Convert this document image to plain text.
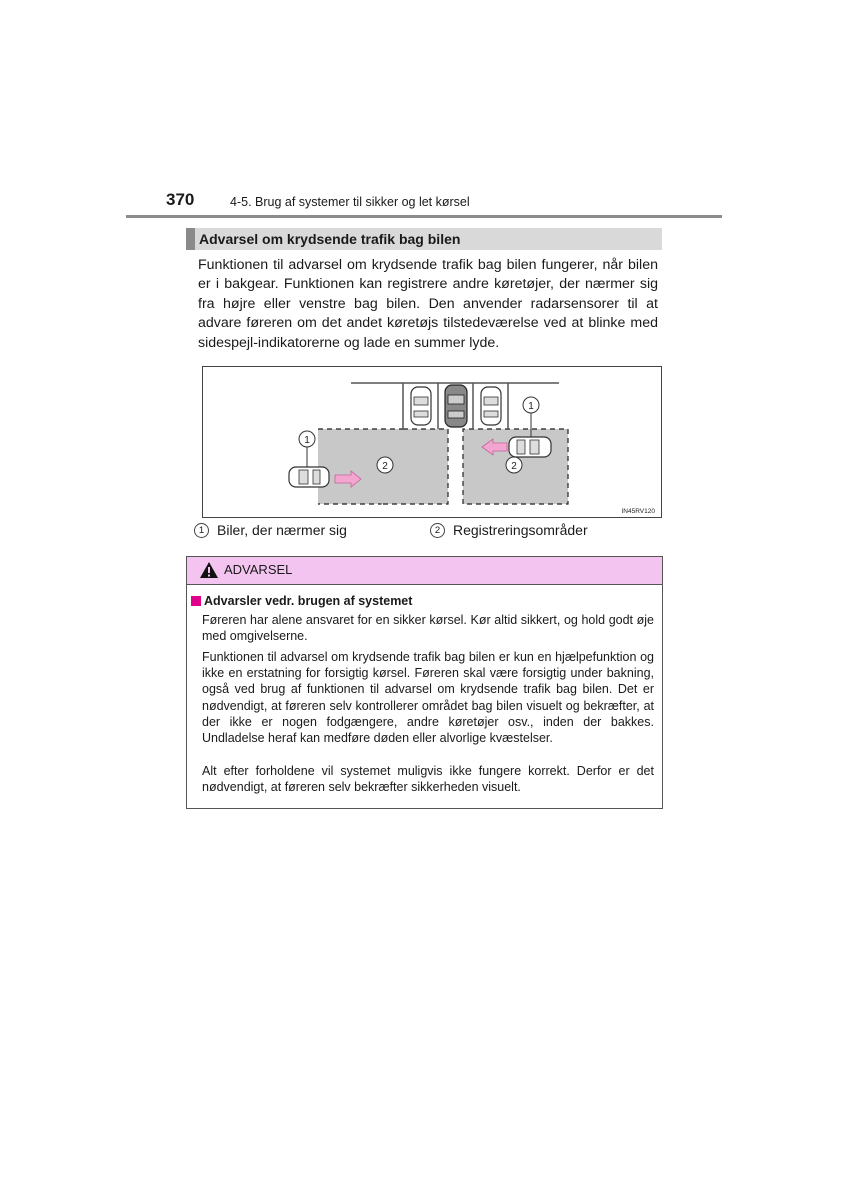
370	4-5. Brug af systemer til sikker og let kørsel
Advarsel om krydsende trafik bag bilen
Funktionen til advarsel om krydsende trafik bag bilen fungerer, når bilen er i bakgear. Funktionen kan registrere andre køretøjer, der nærmer sig fra højre eller venstre bag bilen. Den anvender radarsensorer til at advare føreren om det andet køretøjs tilstedeværelse ved at blinke med sidespejl-indikatorerne og lade en summer lyde.
1
2
1
2
IN45RV120
1 Biler, der nærmer sig	2 Registreringsområder
ADVARSEL
Advarsler vedr. brugen af systemet
Føreren har alene ansvaret for en sikker kørsel. Kør altid sikkert, og hold godt øje med omgivelserne.
Funktionen til advarsel om krydsende trafik bag bilen er kun en hjælpefunktion og ikke en erstatning for forsigtig kørsel. Føreren skal være forsigtig under bakning, også ved brug af funktionen til advarsel om krydsende trafik bag bilen. Det er nødvendigt, at føreren selv kontrollerer området bag bilen visuelt og bekræfter, at der ikke er nogen fodgængere, andre køretøjer osv., inden der bakkes. Undladelse heraf kan medføre døden eller alvorlige kvæstelser.
Alt efter forholdene vil systemet muligvis ikke fungere korrekt. Derfor er det nødvendigt, at føreren selv bekræfter sikkerheden visuelt.
